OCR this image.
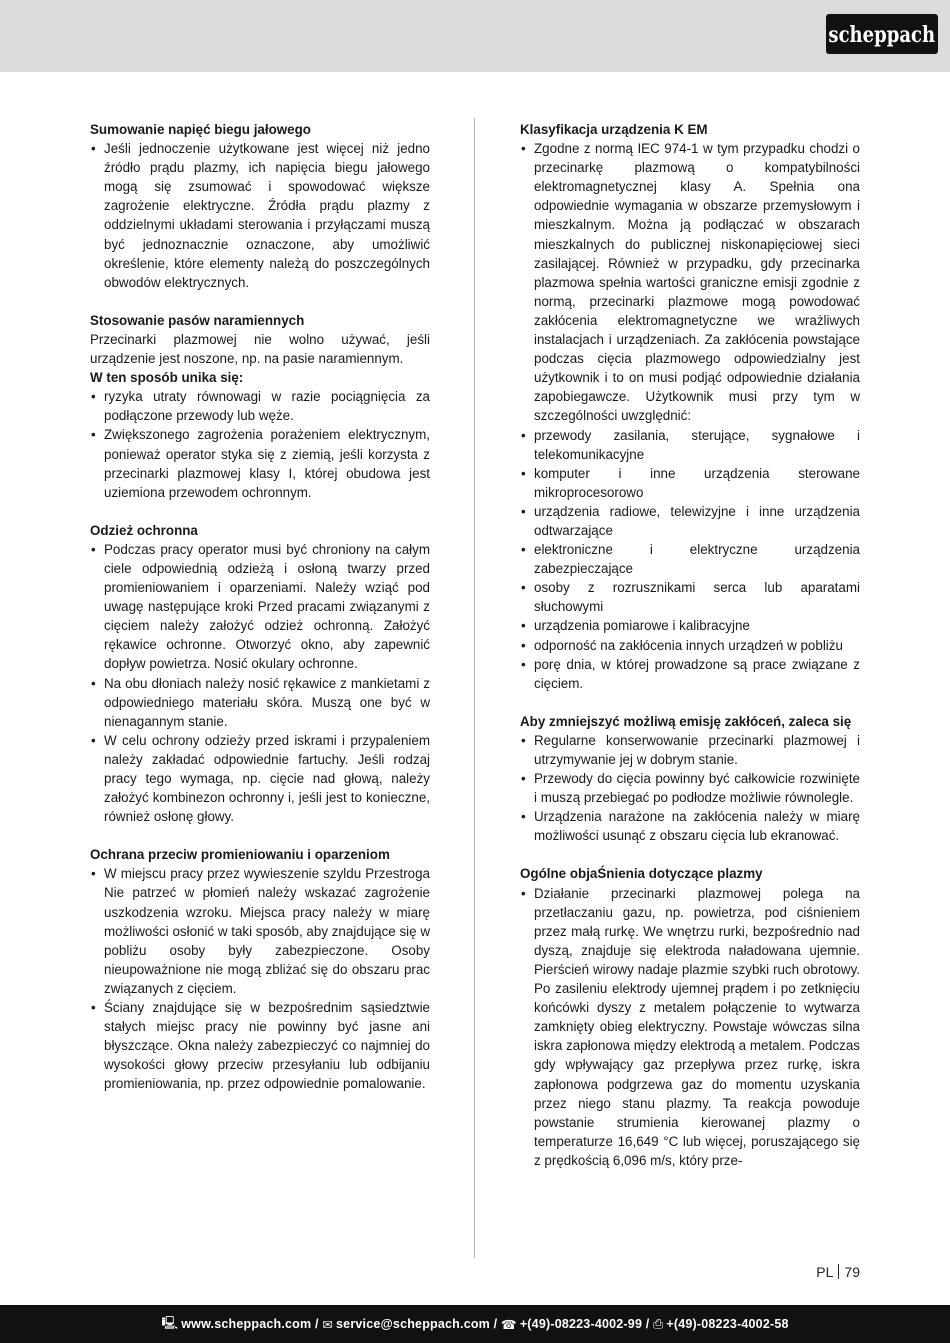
scheppach
Sumowanie napięć biegu jałowego
• Jeśli jednoczenie użytkowane jest więcej niż jedno źródło prądu plazmy, ich napięcia biegu jałowego mogą się zsumować i spowodować większe zagrożenie elektryczne. Źródła prądu plazmy z oddzielnymi układami sterowania i przyłączami muszą być jednoznacznie oznaczone, aby umożliwić określenie, które elementy należą do poszczególnych obwodów elektrycznych.
Stosowanie pasów naramiennych

Przecinarki plazmowej nie wolno używać, jeśli urządzenie jest noszone, np. na pasie naramiennym.

W ten sposób unika się:
• ryzyka utraty równowagi w razie pociągnięcia za podłączone przewody lub węże.
• Zwiększonego zagrożenia porażeniem elektrycznym, ponieważ operator styka się z ziemią, jeśli korzysta z przecinarki plazmowej klasy I, której obudowa jest uziemiona przewodem ochronnym.
Odzież ochronna
• Podczas pracy operator musi być chroniony na całym ciele odpowiednią odzieżą i osłoną twarzy przed promieniowaniem i oparzeniami. Należy wziąć pod uwagę następujące kroki Przed pracami związanymi z cięciem należy założyć odzież ochronną. Założyć rękawice ochronne. Otworzyć okno, aby zapewnić dopływ powietrza. Nosić okulary ochronne.
• Na obu dłoniach należy nosić rękawice z mankietami z odpowiedniego materiału skóra. Muszą one być w nienagannym stanie.
• W celu ochrony odzieży przed iskrami i przypaleniem należy zakładać odpowiednie fartuchy. Jeśli rodzaj pracy tego wymaga, np. cięcie nad głową, należy założyć kombinezon ochronny i, jeśli jest to konieczne, również osłonę głowy.
Ochrana przeciw promieniowaniu i oparzeniom
• W miejscu pracy przez wywieszenie szyldu Przestroga Nie patrzeć w płomień należy wskazać zagrożenie uszkodzenia wzroku. Miejsca pracy należy w miarę możliwości osłonić w taki sposób, aby znajdujące się w pobliżu osoby były zabezpieczone. Osoby nieupoważnione nie mogą zbliżać się do obszaru prac związanych z cięciem.
• Ściany znajdujące się w bezpośrednim sąsiedztwie stałych miejsc pracy nie powinny być jasne ani błyszczące. Okna należy zabezpieczyć co najmniej do wysokości głowy przeciw przesyłaniu lub odbijaniu promieniowania, np. przez odpowiednie pomalowanie.
Klasyfikacja urządzenia K EM
• Zgodne z normą IEC 974-1 w tym przypadku chodzi o przecinarkę plazmową o kompatybilności elektromagnetycznej klasy A. Spełnia ona odpowiednie wymagania w obszarze przemysłowym i mieszkalnym. Można ją podłączać w obszarach mieszkalnych do publicznej niskonapięciowej sieci zasilającej. Również w przypadku, gdy przecinarka plazmowa spełnia wartości graniczne emisji zgodnie z normą, przecinarki plazmowe mogą powodować zakłócenia elektromagnetyczne we wrażliwych instalacjach i urządzeniach. Za zakłócenia powstające podczas cięcia plazmowego odpowiedzialny jest użytkownik i to on musi podjąć odpowiednie działania zapobiegawcze. Użytkownik musi przy tym w szczególności uwzględnić:
• przewody zasilania, sterujące, sygnałowe i telekomunikacyjne
• komputer i inne urządzenia sterowane mikroprocesorowo
• urządzenia radiowe, telewizyjne i inne urządzenia odtwarzające
• elektroniczne i elektryczne urządzenia zabezpieczające
• osoby z rozrusznikami serca lub aparatami słuchowymi
• urządzenia pomiarowe i kalibracyjne
• odporność na zakłócenia innych urządzeń w pobliżu
• porę dnia, w której prowadzone są prace związane z cięciem.
Aby zmniejszyć możliwą emisję zakłóceń, zaleca się
• Regularne konserwowanie przecinarki plazmowej i utrzymywanie jej w dobrym stanie.
• Przewody do cięcia powinny być całkowicie rozwinięte i muszą przebiegać po podłodze możliwie równolegle.
• Urządzenia narażone na zakłócenia należy w miarę możliwości usunąć z obszaru cięcia lub ekranować.
Ogólne objaŚnienia dotyczące plazmy
• Działanie przecinarki plazmowej polega na przetłaczaniu gazu, np. powietrza, pod ciśnieniem przez małą rurkę. We wnętrzu rurki, bezpośrednio nad dyszą, znajduje się elektroda naładowana ujemnie. Pierścień wirowy nadaje plazmie szybki ruch obrotowy. Po zasileniu elektrody ujemnej prądem i po zetknięciu końcówki dyszy z metalem połączenie to wytwarza zamknięty obieg elektryczny. Powstaje wówczas silna iskra zapłonowa między elektrodą a metalem. Podczas gdy wpływający gaz przepływa przez rurkę, iskra zapłonowa podgrzewa gaz do momentu uzyskania przez niego stanu plazmy. Ta reakcja powoduje powstanie strumienia kierowanej plazmy o temperaturze 16,649 °C lub więcej, poruszającego się z prędkością 6,096 m/s, który prze-
PL 79
🖳︎ www.scheppach.com /
✉︎ service@scheppach.com /
☎︎ +(49)-08223-4002-99 /
⎙ +(49)-08223-4002-58
